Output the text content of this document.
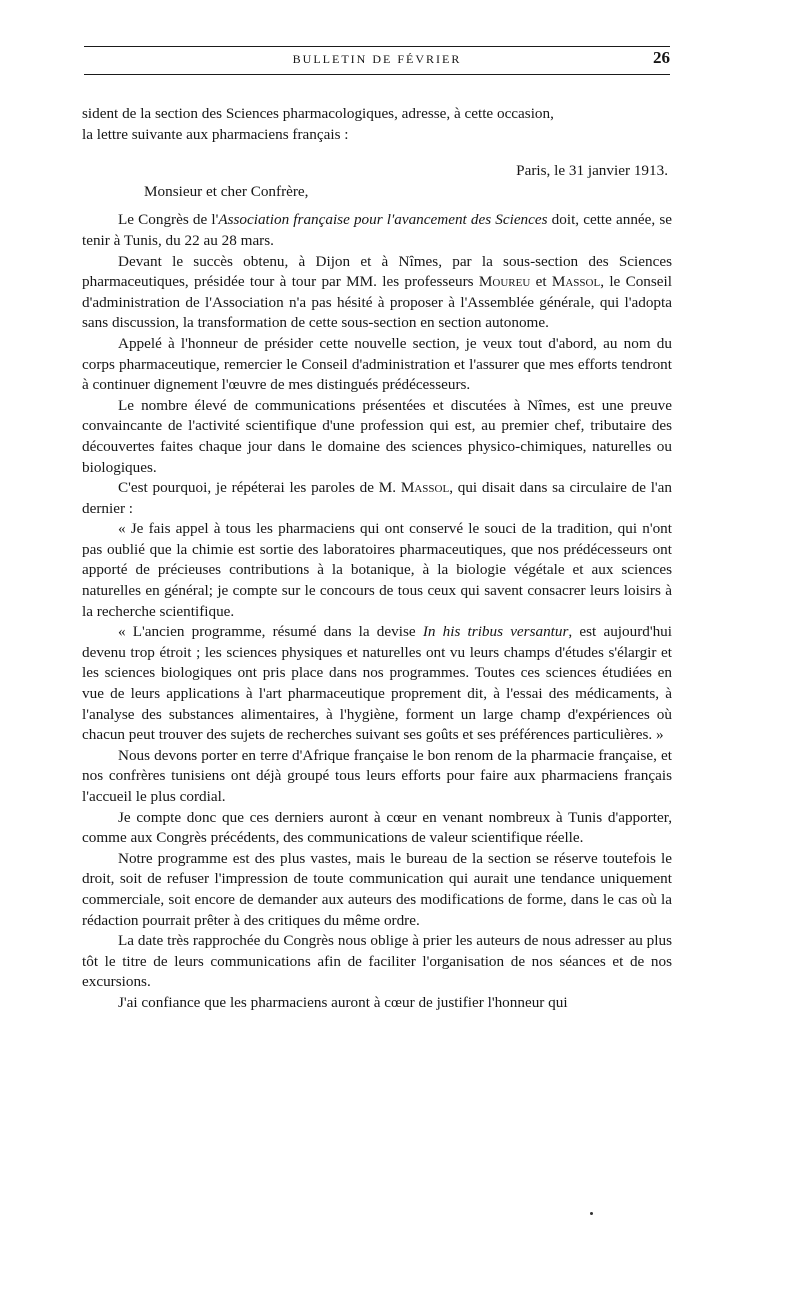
BULLETIN DE FÉVRIER	26

sident de la section des Sciences pharmacologiques, adresse, à cette occasion,
la lettre suivante aux pharmaciens français :

Paris, le 31 janvier 1913.

Monsieur et cher Confrère,

Le Congrès de l'Association française pour l'avancement des Sciences doit, cette année, se tenir à Tunis, du 22 au 28 mars.

Devant le succès obtenu, à Dijon et à Nîmes, par la sous-section des Sciences pharmaceutiques, présidée tour à tour par MM. les professeurs Moureu et Massol, le Conseil d'administration de l'Association n'a pas hésité à proposer à l'Assemblée générale, qui l'adopta sans discussion, la transformation de cette sous-section en section autonome.

Appelé à l'honneur de présider cette nouvelle section, je veux tout d'abord, au nom du corps pharmaceutique, remercier le Conseil d'administration et l'assurer que mes efforts tendront à continuer dignement l'œuvre de mes distingués prédécesseurs.

Le nombre élevé de communications présentées et discutées à Nîmes, est une preuve convaincante de l'activité scientifique d'une profession qui est, au premier chef, tributaire des découvertes faites chaque jour dans le domaine des sciences physico-chimiques, naturelles ou biologiques.

C'est pourquoi, je répéterai les paroles de M. Massol, qui disait dans sa circulaire de l'an dernier :

« Je fais appel à tous les pharmaciens qui ont conservé le souci de la tradition, qui n'ont pas oublié que la chimie est sortie des laboratoires pharmaceutiques, que nos prédécesseurs ont apporté de précieuses contributions à la botanique, à la biologie végétale et aux sciences naturelles en général; je compte sur le concours de tous ceux qui savent consacrer leurs loisirs à la recherche scientifique.

« L'ancien programme, résumé dans la devise In his tribus versantur, est aujourd'hui devenu trop étroit ; les sciences physiques et naturelles ont vu leurs champs d'études s'élargir et les sciences biologiques ont pris place dans nos programmes. Toutes ces sciences étudiées en vue de leurs applications à l'art pharmaceutique proprement dit, à l'essai des médicaments, à l'analyse des substances alimentaires, à l'hygiène, forment un large champ d'expériences où chacun peut trouver des sujets de recherches suivant ses goûts et ses préférences particulières. »

Nous devons porter en terre d'Afrique française le bon renom de la pharmacie française, et nos confrères tunisiens ont déjà groupé tous leurs efforts pour faire aux pharmaciens français l'accueil le plus cordial.

Je compte donc que ces derniers auront à cœur en venant nombreux à Tunis d'apporter, comme aux Congrès précédents, des communications de valeur scientifique réelle.

Notre programme est des plus vastes, mais le bureau de la section se réserve toutefois le droit, soit de refuser l'impression de toute communication qui aurait une tendance uniquement commerciale, soit encore de demander aux auteurs des modifications de forme, dans le cas où la rédaction pourrait prêter à des critiques du même ordre.

La date très rapprochée du Congrès nous oblige à prier les auteurs de nous adresser au plus tôt le titre de leurs communications afin de faciliter l'organisation de nos séances et de nos excursions.

J'ai confiance que les pharmaciens auront à cœur de justifier l'honneur qui
